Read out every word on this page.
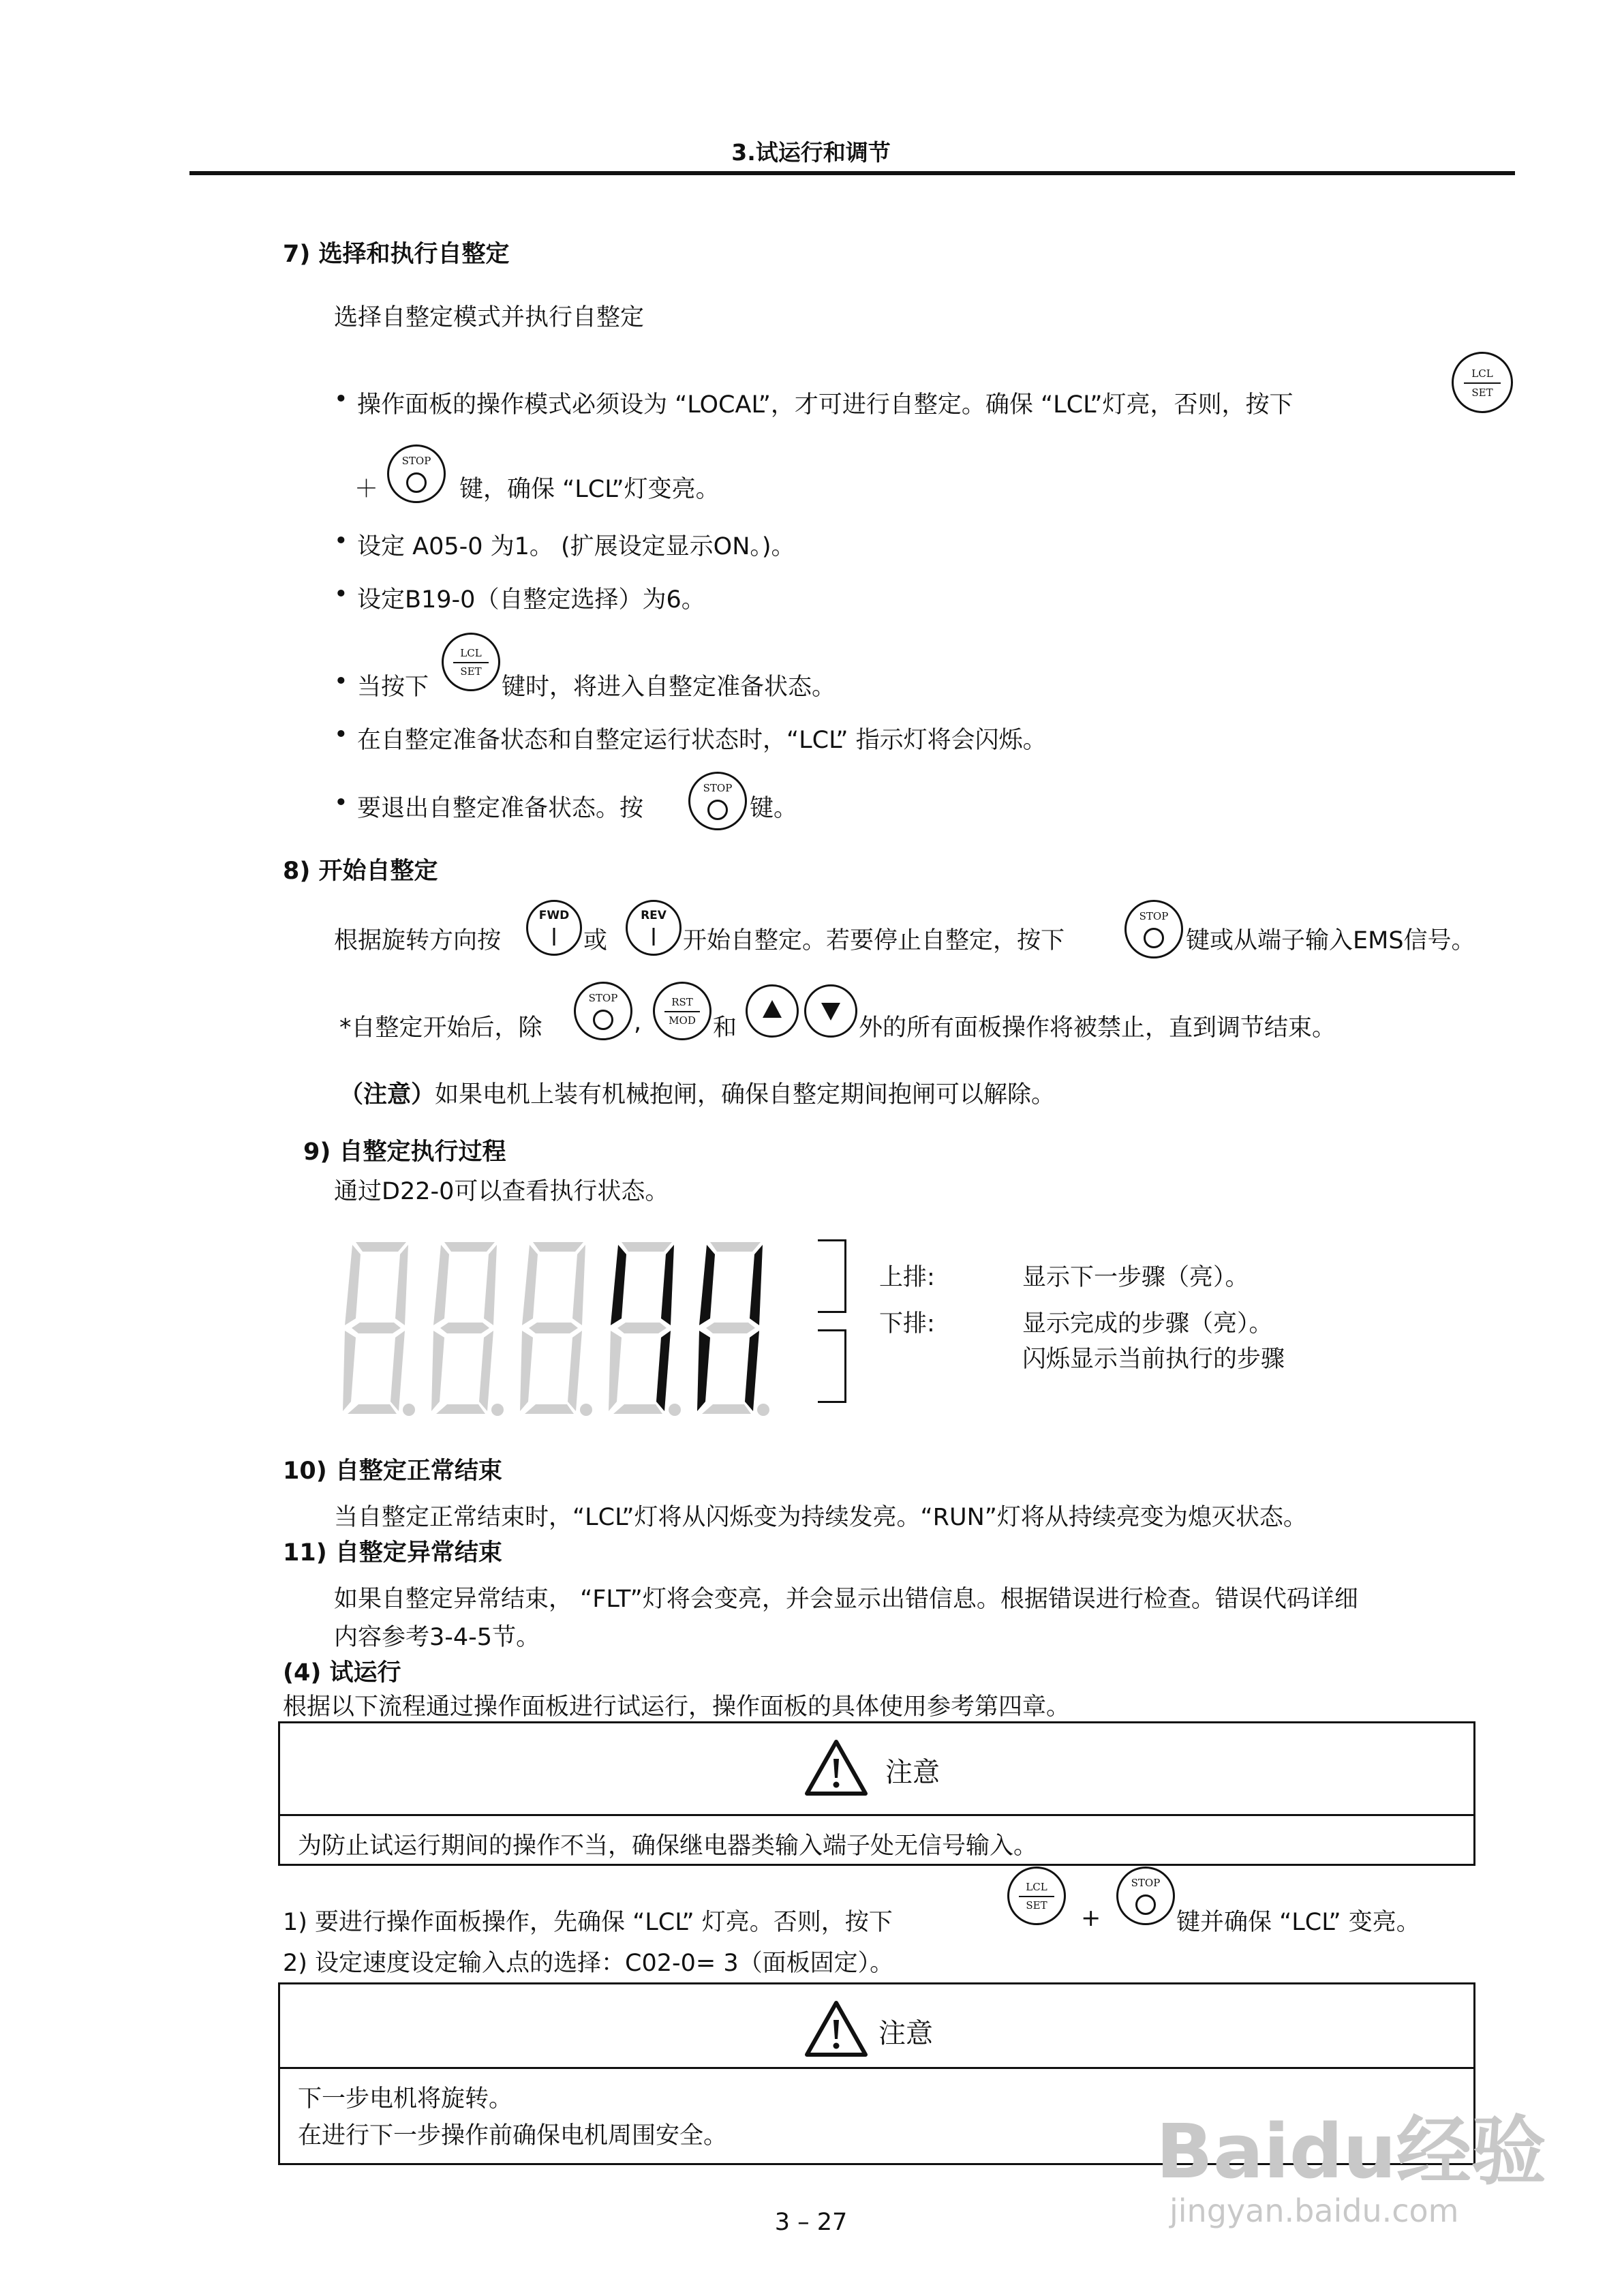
3.试运行和调节
7) 选择和执行自整定
选择自整定模式并执行自整定
• 操作面板的操作模式必须设为 “LOCAL”，才可进行自整定。确保 “LCL”灯亮，否则，按下
LCL
SET
＋
STOP
键，确保 “LCL”灯变亮。
• 设定 A05-0 为1。 (扩展设定显示ON。)。
• 设定B19-0（自整定选择）为6。
• 当按下
LCL
SET
键时，将进入自整定准备状态。
• 在自整定准备状态和自整定运行状态时，“LCL” 指示灯将会闪烁。
• 要退出自整定准备状态。按
STOP
键。
8) 开始自整定
根据旋转方向按
FWD
或
REV
开始自整定。若要停止自整定，按下
STOP
键或从端子输入EMS信号。
*自整定开始后，除
STOP
,
RST
MOD 和	外的所有面板操作将被禁止，直到调节结束。
（注意）如果电机上装有机械抱闸，确保自整定期间抱闸可以解除。
9) 自整定执行过程
通过D22-0可以查看执行状态。
上排:	显示下一步骤（亮）。
下排:	显示完成的步骤（亮）。
闪烁显示当前执行的步骤
10) 自整定正常结束
当自整定正常结束时，“LCL”灯将从闪烁变为持续发亮。“RUN”灯将从持续亮变为熄灭状态。
11) 自整定异常结束
如果自整定异常结束， “FLT”灯将会变亮，并会显示出错信息。根据错误进行检查。错误代码详细
内容参考3-4-5节。
(4) 试运行
根据以下流程通过操作面板进行试运行，操作面板的具体使用参考第四章。
注意
为防止试运行期间的操作不当，确保继电器类输入端子处无信号输入。
1) 要进行操作面板操作，先确保 “LCL” 灯亮。否则，按下
LCL
SET	+
STOP
键并确保 “LCL” 变亮。
2) 设定速度设定输入点的选择：C02-0= 3（面板固定）。
注意
下一步电机将旋转。
在进行下一步操作前确保电机周围安全。
3 – 27
Baidu经验
jingyan.baidu.com
